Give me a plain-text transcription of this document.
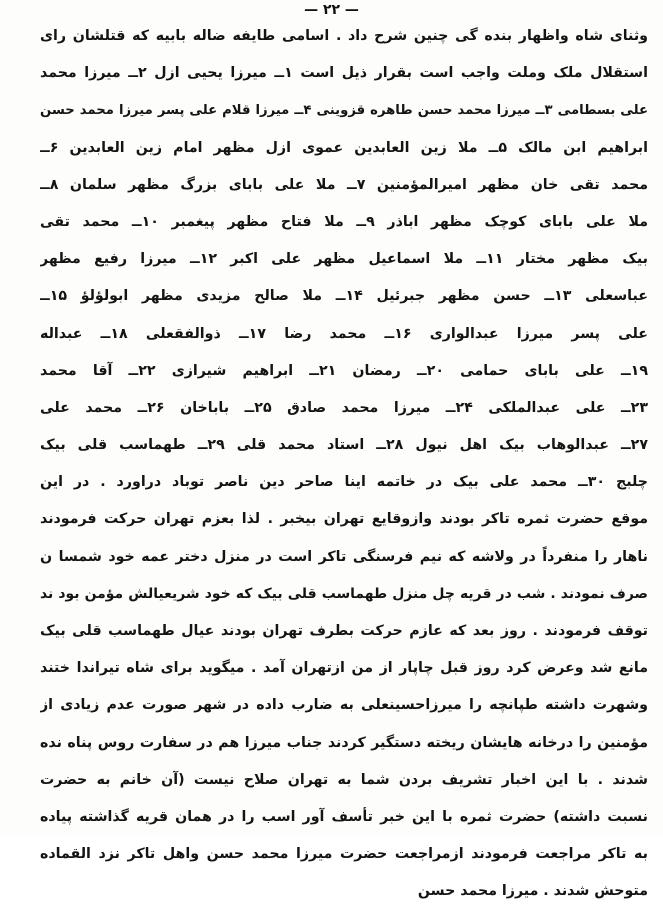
— ۲۲ —
وثنای شاه واظهار بنده گی چنین شرح داد . اسامی طایفه ضاله بابیه که قتلشان رای
استقلال ملک وملت واجب است بقرار ذیل است ۱ــ میرزا یحیی ازل ۲ــ میرزا محمد
علی بسطامی ۳ــ میرزا محمد حسن طاهره قزوینی ۴ــ میرزا قلام علی پسر میرزا محمد حسن
ابراهیم ابن مالک ۵ــ ملا زین العابدین عموی ازل مظهر امام زین العابدین ۶ــ
محمد تقی خان مظهر امیرالمؤمنین ۷ــ ملا علی بابای بزرگ مظهر سلمان ۸ــ
ملا علی بابای کوچک مظهر اباذر ۹ــ ملا فتاح مظهر پیغمبر ۱۰ــ محمد تقی
بیک مظهر مختار ۱۱ــ ملا اسماعیل مظهر علی اکبر ۱۲ــ میرزا رفیع مظهر
عباسعلی ۱۳ــ حسن مظهر جبرئیل ۱۴ــ ملا صالح مزیدی مظهر ابولؤلؤ ۱۵ــ
علی پسر میرزا عبدالواری ۱۶ــ محمد رضا ۱۷ــ ذوالفقعلی ۱۸ــ عبداله
۱۹ــ علی بابای حمامی ۲۰ــ رمضان ۲۱ــ ابراهیم شیرازی ۲۲ــ آقا محمد
۲۳ــ علی عبدالملکی ۲۴ــ میرزا محمد صادق ۲۵ــ باباخان ۲۶ــ محمد علی
۲۷ــ عبدالوهاب بیک اهل نیول ۲۸ــ استاد محمد قلی ۲۹ــ طهماسب قلی بیک
چلبج ۳۰ــ محمد علی بیک در خاتمه اینا صاحر دین ناصر توباد دراورد . در این
موقع حضرت ثمره تاکر بودند وازوقایع تهران بیخبر . لذا بعزم تهران حرکت فرمودند
ناهار را منفرداً در ولاشه که نیم فرسنگی تاکر است در منزل دختر عمه خود شمسا ن
صرف نمودند . شب در قریه چل منزل طهماسب قلی بیک که خود شریعیالش مؤمن بود ند
توقف فرمودند . روز بعد که عازم حرکت بطرف تهران بودند عیال طهماسب قلی بیک
مانع شد وعرض کرد روز قبل چاپار از من ازتهران آمد . میگوید برای شاه تیراندا ختند
وشهرت داشته طپانچه را میرزاحسینعلی به ضارب داده در شهر صورت عدم زیادی از
مؤمنین را درخانه هایشان ریخته دستگیر کردند جناب میرزا هم در سفارت روس پناه نده
شدند . با این اخبار تشریف بردن شما به تهران صلاح نیست (آن خانم به حضرت
نسبت داشته) حضرت ثمره با این خبر تأسف آور اسب را در همان قریه گذاشته پیاده
به تاکر مراجعت فرمودند ازمراجعت حضرت میرزا محمد حسن واهل تاکر نزد القماده
متوحش شدند . میرزا محمد حسن
